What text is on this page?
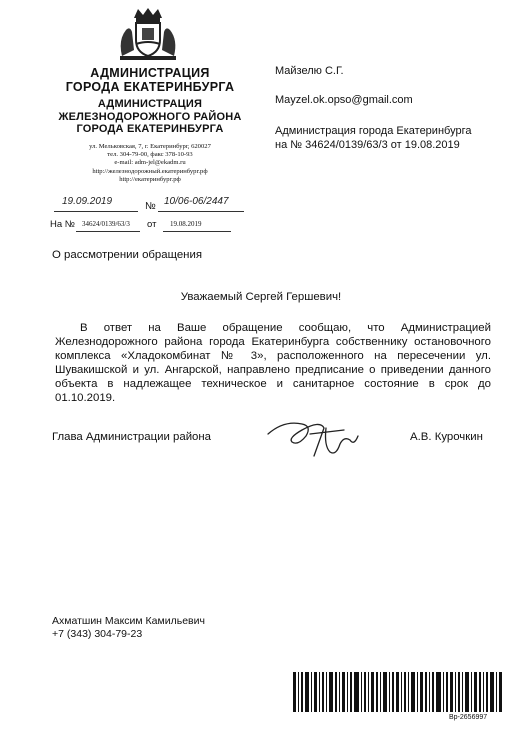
АДМИНИСТРАЦИЯ
ГОРОДА ЕКАТЕРИНБУРГА
АДМИНИСТРАЦИЯ
ЖЕЛЕЗНОДОРОЖНОГО РАЙОНА
ГОРОДА ЕКАТЕРИНБУРГА
ул. Мельковская, 7, г. Екатеринбург, 620027
тел. 304-79-00, факс 378-10-93
e-mail: adm-jel@ekadm.ru
http://железнодорожный.екатеринбург.рф
http://екатеринбург.рф
19.09.2019	№ 10/06-06/2447
На № 34624/0139/63/3 от 19.08.2019
Майзелю С.Г.
Mayzel.ok.opso@gmail.com
Администрация города Екатеринбурга
на № 34624/0139/63/3 от 19.08.2019
О рассмотрении обращения
Уважаемый Сергей Гершевич!
В ответ на Ваше обращение сообщаю, что Администрацией Железнодорожного района города Екатеринбурга собственнику остановочного комплекса «Хладокомбинат № 3», расположенного на пересечении ул. Шувакишской и ул. Ангарской, направлено предписание о приведении данного объекта в надлежащее техническое и санитарное состояние в срок до 01.10.2019.
Глава Администрации района	А.В. Курочкин
Ахматшин Максим Камильевич
+7 (343) 304-79-23
Вр-2656997
